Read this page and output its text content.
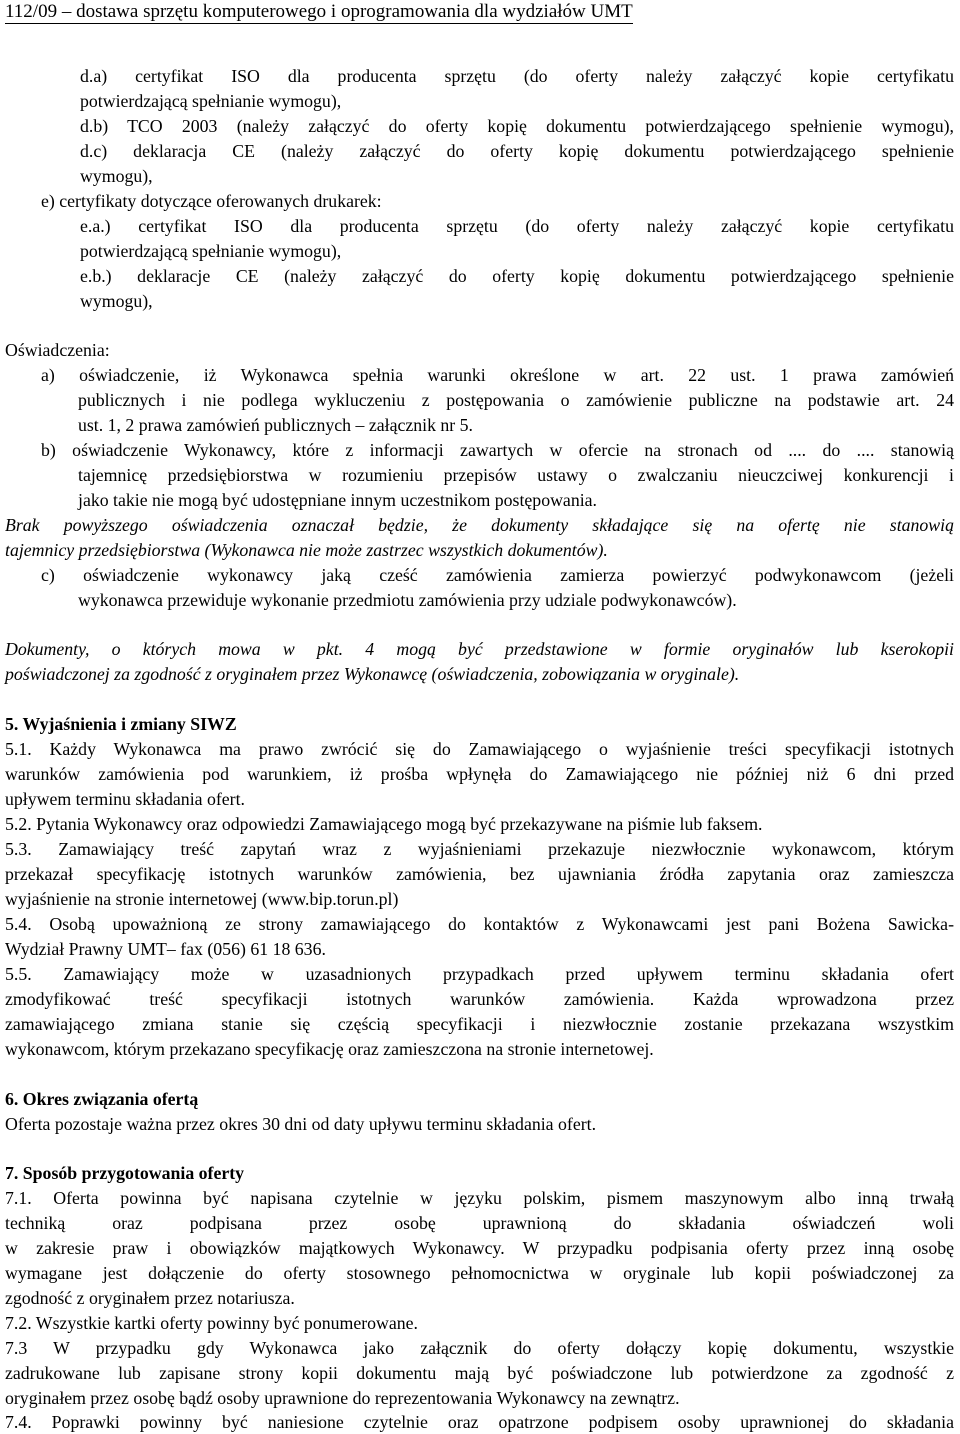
112/09 – dostawa sprzętu komputerowego i oprogramowania dla wydziałów UMT
d.a) certyfikat ISO dla producenta sprzętu (do oferty należy załączyć kopie certyfikatu
potwierdzającą spełnianie wymogu),
d.b) TCO 2003 (należy załączyć do oferty kopię dokumentu potwierdzającego spełnienie wymogu),
d.c) deklaracja CE (należy załączyć do oferty kopię dokumentu potwierdzającego spełnienie
wymogu),
e) certyfikaty dotyczące oferowanych drukarek:
e.a.) certyfikat ISO dla producenta sprzętu (do oferty należy załączyć kopie certyfikatu
potwierdzającą spełnianie wymogu),
e.b.) deklaracje CE (należy załączyć do oferty kopię dokumentu potwierdzającego spełnienie
wymogu),
Oświadczenia:
a) oświadczenie, iż Wykonawca spełnia warunki określone w art. 22 ust. 1 prawa zamówień
publicznych i nie podlega wykluczeniu z postępowania o zamówienie publiczne na podstawie art. 24
ust. 1, 2 prawa zamówień publicznych – załącznik nr 5.
b) oświadczenie Wykonawcy, które z informacji zawartych w ofercie na stronach od .... do .... stanowią
tajemnicę przedsiębiorstwa w rozumieniu przepisów ustawy o zwalczaniu nieuczciwej konkurencji i
jako takie nie mogą być udostępniane innym uczestnikom postępowania.
Brak powyższego oświadczenia oznaczał będzie, że dokumenty składające się na ofertę nie stanowią
tajemnicy przedsiębiorstwa (Wykonawca nie może zastrzec wszystkich dokumentów).
c) oświadczenie wykonawcy jaką cześć zamówienia zamierza powierzyć podwykonawcom (jeżeli
wykonawca przewiduje wykonanie przedmiotu zamówienia przy udziale podwykonawców).
Dokumenty, o których mowa w pkt. 4 mogą być przedstawione w formie oryginałów lub kserokopii
poświadczonej za zgodność z oryginałem przez Wykonawcę (oświadczenia, zobowiązania w oryginale).
5. Wyjaśnienia i zmiany SIWZ
5.1. Każdy Wykonawca ma prawo zwrócić się do Zamawiającego o wyjaśnienie treści specyfikacji istotnych
warunków zamówienia pod warunkiem, iż prośba wpłynęła do Zamawiającego nie później niż 6 dni przed
upływem terminu składania ofert.
5.2. Pytania Wykonawcy oraz odpowiedzi Zamawiającego mogą być przekazywane na piśmie lub faksem.
5.3. Zamawiający treść zapytań wraz z wyjaśnieniami przekazuje niezwłocznie wykonawcom, którym
przekazał specyfikację istotnych warunków zamówienia, bez ujawniania źródła zapytania oraz zamieszcza
wyjaśnienie na stronie internetowej (www.bip.torun.pl)
5.4. Osobą upoważnioną ze strony zamawiającego do kontaktów z Wykonawcami jest pani Bożena Sawicka-
Wydział Prawny UMT– fax (056) 61 18 636.
5.5. Zamawiający może w uzasadnionych przypadkach przed upływem terminu składania ofert
zmodyfikować treść specyfikacji istotnych warunków zamówienia. Każda wprowadzona przez
zamawiającego zmiana stanie się częścią specyfikacji i niezwłocznie zostanie przekazana wszystkim
wykonawcom, którym przekazano specyfikację oraz zamieszczona na stronie internetowej.
6. Okres związania ofertą
Oferta pozostaje ważna przez okres 30 dni od daty upływu terminu składania ofert.
7. Sposób przygotowania oferty
7.1. Oferta powinna być napisana czytelnie w języku polskim, pismem maszynowym albo inną trwałą
techniką oraz podpisana przez osobę uprawnioną do składania oświadczeń woli
w zakresie praw i obowiązków majątkowych Wykonawcy. W przypadku podpisania oferty przez inną osobę
wymagane jest dołączenie do oferty stosownego pełnomocnictwa w oryginale lub kopii poświadczonej za
zgodność z oryginałem przez notariusza.
7.2. Wszystkie kartki oferty powinny być ponumerowane.
7.3 W przypadku gdy Wykonawca jako załącznik do oferty dołączy kopię dokumentu, wszystkie
zadrukowane lub zapisane strony kopii dokumentu mają być poświadczone lub potwierdzone za zgodność z
oryginałem przez osobę bądź osoby uprawnione do reprezentowania Wykonawcy na zewnątrz.
7.4. Poprawki powinny być naniesione czytelnie oraz opatrzone podpisem osoby uprawnionej do składania
